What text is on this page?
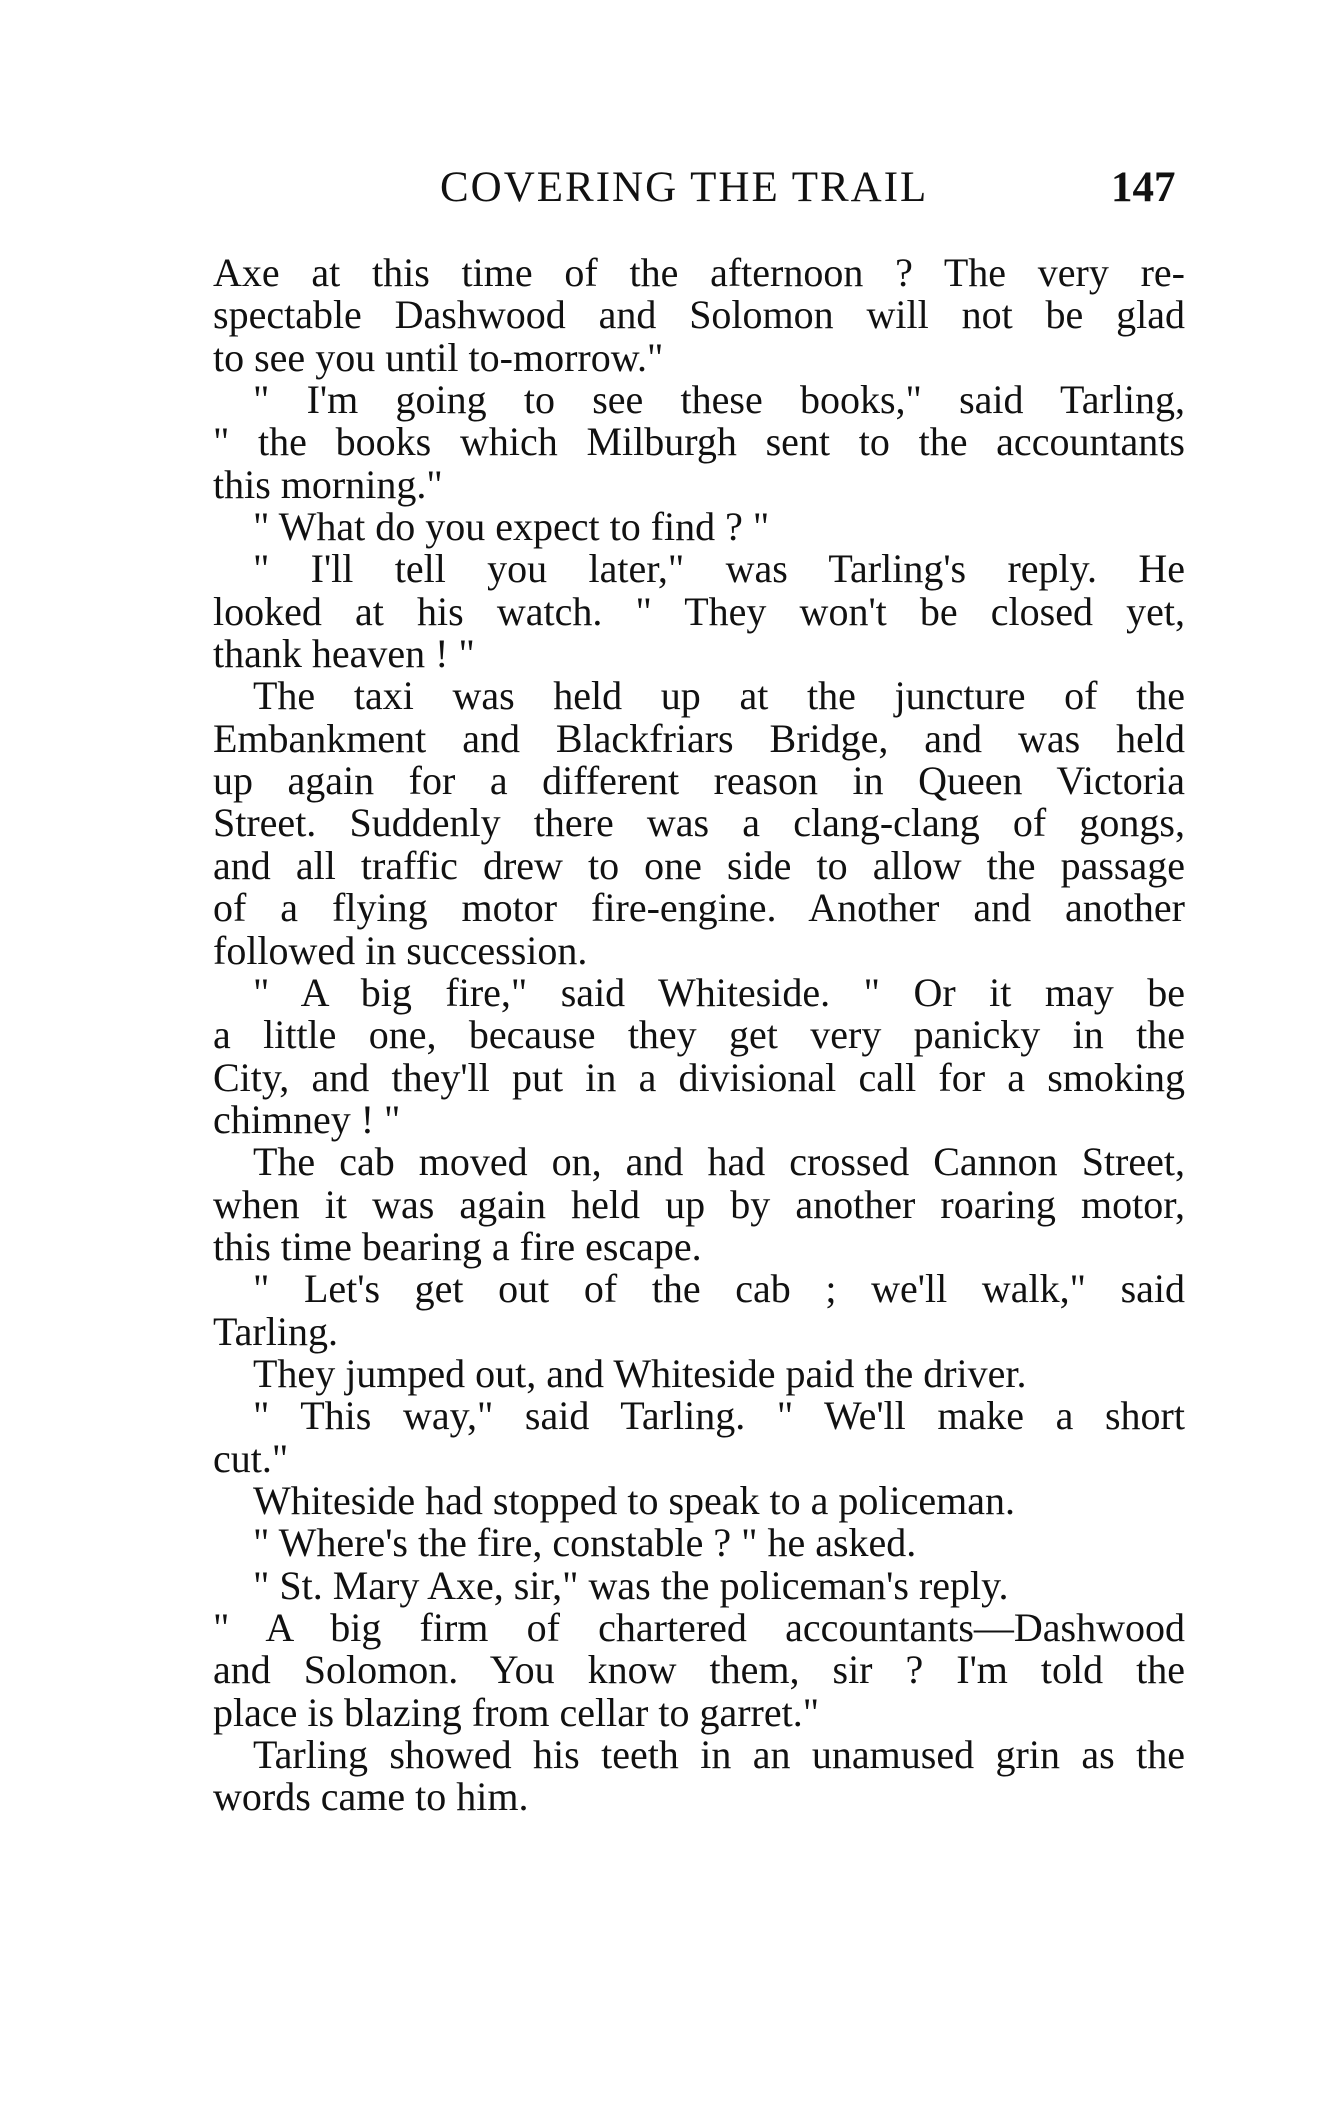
COVERING THE TRAIL	147
Axe at this time of the afternoon ? The very re-
spectable Dashwood and Solomon will not be glad
to see you until to-morrow."
" I'm going to see these books," said Tarling,
" the books which Milburgh sent to the accountants
this morning."
" What do you expect to find ? "
" I'll tell you later," was Tarling's reply. He
looked at his watch. " They won't be closed yet,
thank heaven ! "
The taxi was held up at the juncture of the
Embankment and Blackfriars Bridge, and was held
up again for a different reason in Queen Victoria
Street. Suddenly there was a clang-clang of gongs,
and all traffic drew to one side to allow the passage
of a flying motor fire-engine. Another and another
followed in succession.
" A big fire," said Whiteside. " Or it may be
a little one, because they get very panicky in the
City, and they'll put in a divisional call for a smoking
chimney ! "
The cab moved on, and had crossed Cannon Street,
when it was again held up by another roaring motor,
this time bearing a fire escape.
" Let's get out of the cab ; we'll walk," said
Tarling.
They jumped out, and Whiteside paid the driver.
" This way," said Tarling. " We'll make a short
cut."
Whiteside had stopped to speak to a policeman.
" Where's the fire, constable ? " he asked.
" St. Mary Axe, sir," was the policeman's reply.
" A big firm of chartered accountants—Dashwood
and Solomon. You know them, sir ? I'm told the
place is blazing from cellar to garret."
Tarling showed his teeth in an unamused grin as the
words came to him.
